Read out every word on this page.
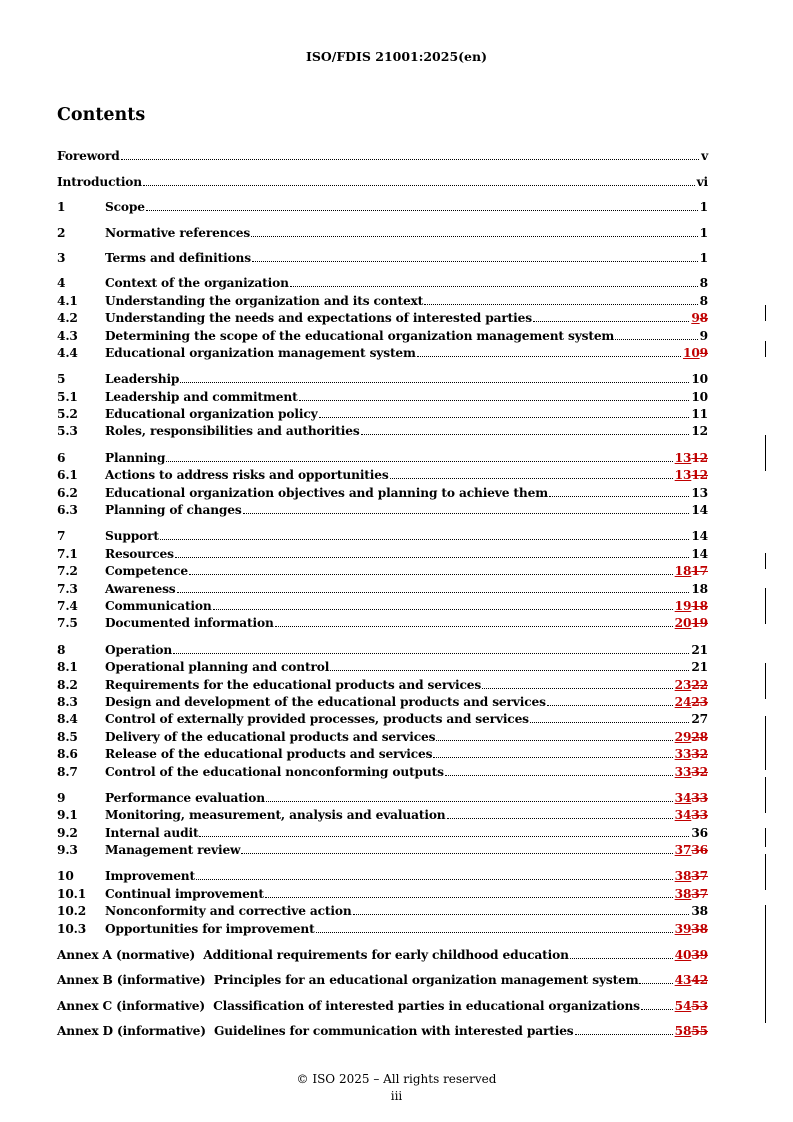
ISO/FDIS 21001:2025(en)
Contents
Foreword	v
Introduction	vi
1	Scope	1
2	Normative references	1
3	Terms and definitions	1
4	Context of the organization	8
4.1	Understanding the organization and its context	8
4.2	Understanding the needs and expectations of interested parties	98
4.3	Determining the scope of the educational organization management system	9
4.4	Educational organization management system	109
5	Leadership	10
5.1	Leadership and commitment	10
5.2	Educational organization policy	11
5.3	Roles, responsibilities and authorities	12
6	Planning	1312
6.1	Actions to address risks and opportunities	1312
6.2	Educational organization objectives and planning to achieve them	13
6.3	Planning of changes	14
7	Support	14
7.1	Resources	14
7.2	Competence	1817
7.3	Awareness	18
7.4	Communication	1918
7.5	Documented information	2019
8	Operation	21
8.1	Operational planning and control	21
8.2	Requirements for the educational products and services	2322
8.3	Design and development of the educational products and services	2423
8.4	Control of externally provided processes, products and services	27
8.5	Delivery of the educational products and services	2928
8.6	Release of the educational products and services	3332
8.7	Control of the educational nonconforming outputs	3332
9	Performance evaluation	3433
9.1	Monitoring, measurement, analysis and evaluation	3433
9.2	Internal audit	36
9.3	Management review	3736
10	Improvement	3837
10.1	Continual improvement	3837
10.2	Nonconformity and corrective action	38
10.3	Opportunities for improvement	3938
Annex A (normative)  Additional requirements for early childhood education	4039
Annex B (informative)  Principles for an educational organization management system	4342
Annex C (informative)  Classification of interested parties in educational organizations	5453
Annex D (informative)  Guidelines for communication with interested parties	5855
© ISO 2025 – All rights reserved
iii
